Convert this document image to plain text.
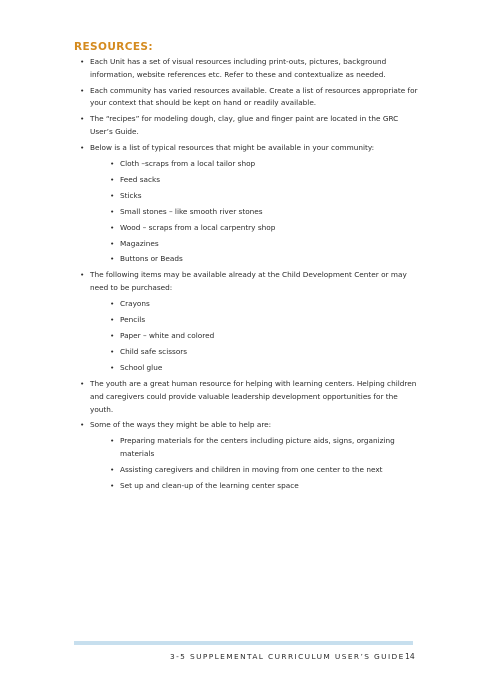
RESOURCES:
• Each Unit has a set of visual resources including print-outs, pictures, background information, website references etc. Refer to these and contextualize as needed.
• Each community has varied resources available. Create a list of resources appropriate for your context that should be kept on hand or readily available.
• The “recipes” for modeling dough, clay, glue and finger paint are located in the GRC User’s Guide.
• Below is a list of typical resources that might be available in your community:
• Cloth –scraps from a local tailor shop
• Feed sacks
• Sticks
• Small stones – like smooth river stones
• Wood – scraps from a local carpentry shop
• Magazines
• Buttons or Beads
• The following items may be available already at the Child Development Center or may need to be purchased:
• Crayons
• Pencils
• Paper – white and colored
• Child safe scissors
• School glue
• The youth are a great human resource for helping with learning centers. Helping children and caregivers could provide valuable leadership development opportunities for the youth.
• Some of the ways they might be able to help are:
• Preparing materials for the centers including picture aids, signs, organizing materials
• Assisting caregivers and children in moving from one center to the next
• Set up and clean-up of the learning center space
3-5 SUPPLEMENTAL CURRICULUM USER’S GUIDE 14
